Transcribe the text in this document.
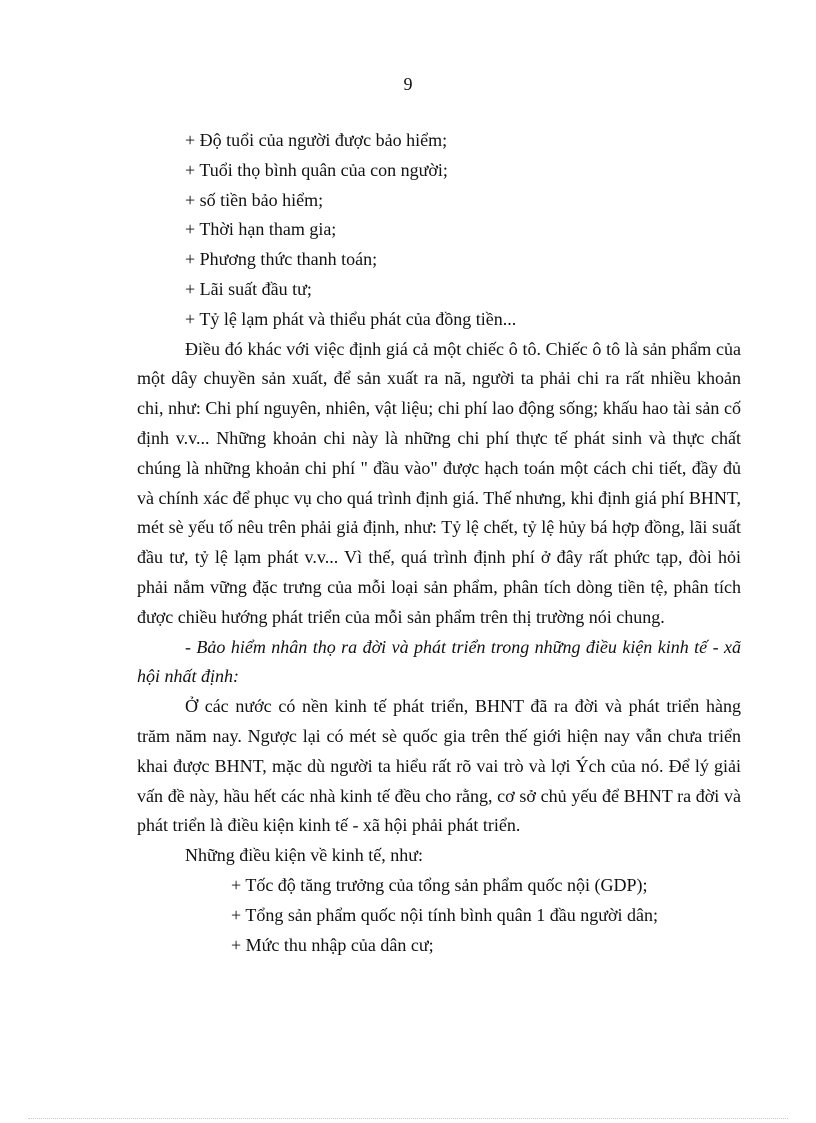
9
+ Độ tuổi của người được bảo hiểm;
+ Tuổi thọ bình quân của con người;
+ số tiền bảo hiểm;
+ Thời hạn tham gia;
+ Phương thức thanh toán;
+ Lãi suất đầu tư;
+ Tỷ lệ lạm phát và thiểu phát của đồng tiền...

Điều đó khác với việc định giá cả một chiếc ô tô. Chiếc ô tô là sản phẩm của một dây chuyền sản xuất, để sản xuất ra nã, người ta phải chi ra rất nhiều khoản chi, như: Chi phí nguyên, nhiên, vật liệu; chi phí lao động sống; khấu hao tài sản cố định v.v... Những khoản chi này là những chi phí thực tế phát sinh và thực chất chúng là những khoản chi phí " đầu vào" được hạch toán một cách chi tiết, đầy đủ và chính xác để phục vụ cho quá trình định giá. Thế nhưng, khi định giá phí BHNT, mét sè yếu tố nêu trên phải giả định, như: Tỷ lệ chết, tỷ lệ hủy bá hợp đồng, lãi suất đầu tư, tỷ lệ lạm phát v.v... Vì thế, quá trình định phí ở đây rất phức tạp, đòi hỏi phải nắm vững đặc trưng của mỗi loại sản phẩm, phân tích dòng tiền tệ, phân tích được chiều hướng phát triển của mỗi sản phẩm trên thị trường nói chung.

- Bảo hiểm nhân thọ ra đời và phát triển trong những điều kiện kinh tế - xã hội nhất định:

Ở các nước có nền kinh tế phát triển, BHNT đã ra đời và phát triển hàng trăm năm nay. Ngược lại có mét sè quốc gia trên thế giới hiện nay vẫn chưa triển khai được BHNT, mặc dù người ta hiểu rất rõ vai trò và lợi Ých của nó. Để lý giải vấn đề này, hầu hết các nhà kinh tế đều cho rằng, cơ sở chủ yếu để BHNT ra đời và phát triển là điều kiện kinh tế - xã hội phải phát triển.

Những điều kiện về kinh tế, như:

+ Tốc độ tăng trưởng của tổng sản phẩm quốc nội (GDP);
+ Tổng sản phẩm quốc nội tính bình quân 1 đầu người dân;
+ Mức thu nhập của dân cư;
